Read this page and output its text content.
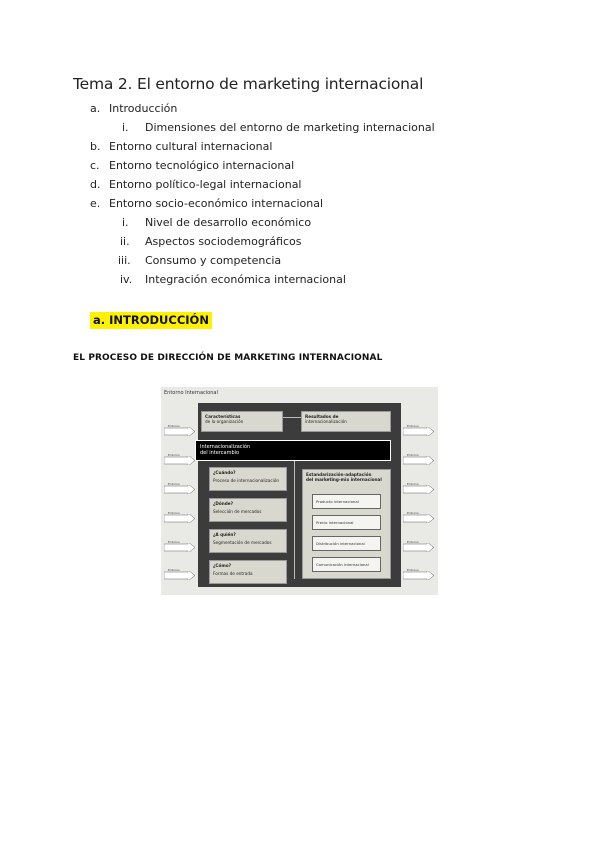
Tema 2. El entorno de marketing internacional
a. Introducción
i. Dimensiones del entorno de marketing internacional
b. Entorno cultural internacional
c. Entorno tecnológico internacional
d. Entorno político-legal internacional
e. Entorno socio-económico internacional
i. Nivel de desarrollo económico
ii. Aspectos sociodemográficos
iii. Consumo y competencia
iv. Integración económica internacional
a. INTRODUCCIÓN
EL PROCESO DE DIRECCIÓN DE MARKETING INTERNACIONAL
Entorno Internacional
Características
de la organización
Resultados de
internacionalización
Internacionalización
del intercambio
¿Cuándo?
Proceso de internacionalización
¿Dónde?
Selección de mercados
¿A quién?
Segmentación de mercados
¿Cómo?
Formas de entrada
Estandarización-adaptación
del marketing-mix internacional
Producto internacional
Precio internacional
Distribución internacional
Comunicación internacional
Entorno	Entorno
Entorno	Entorno
Entorno	Entorno
Entorno	Entorno
Entorno	Entorno
Entorno	Entorno
